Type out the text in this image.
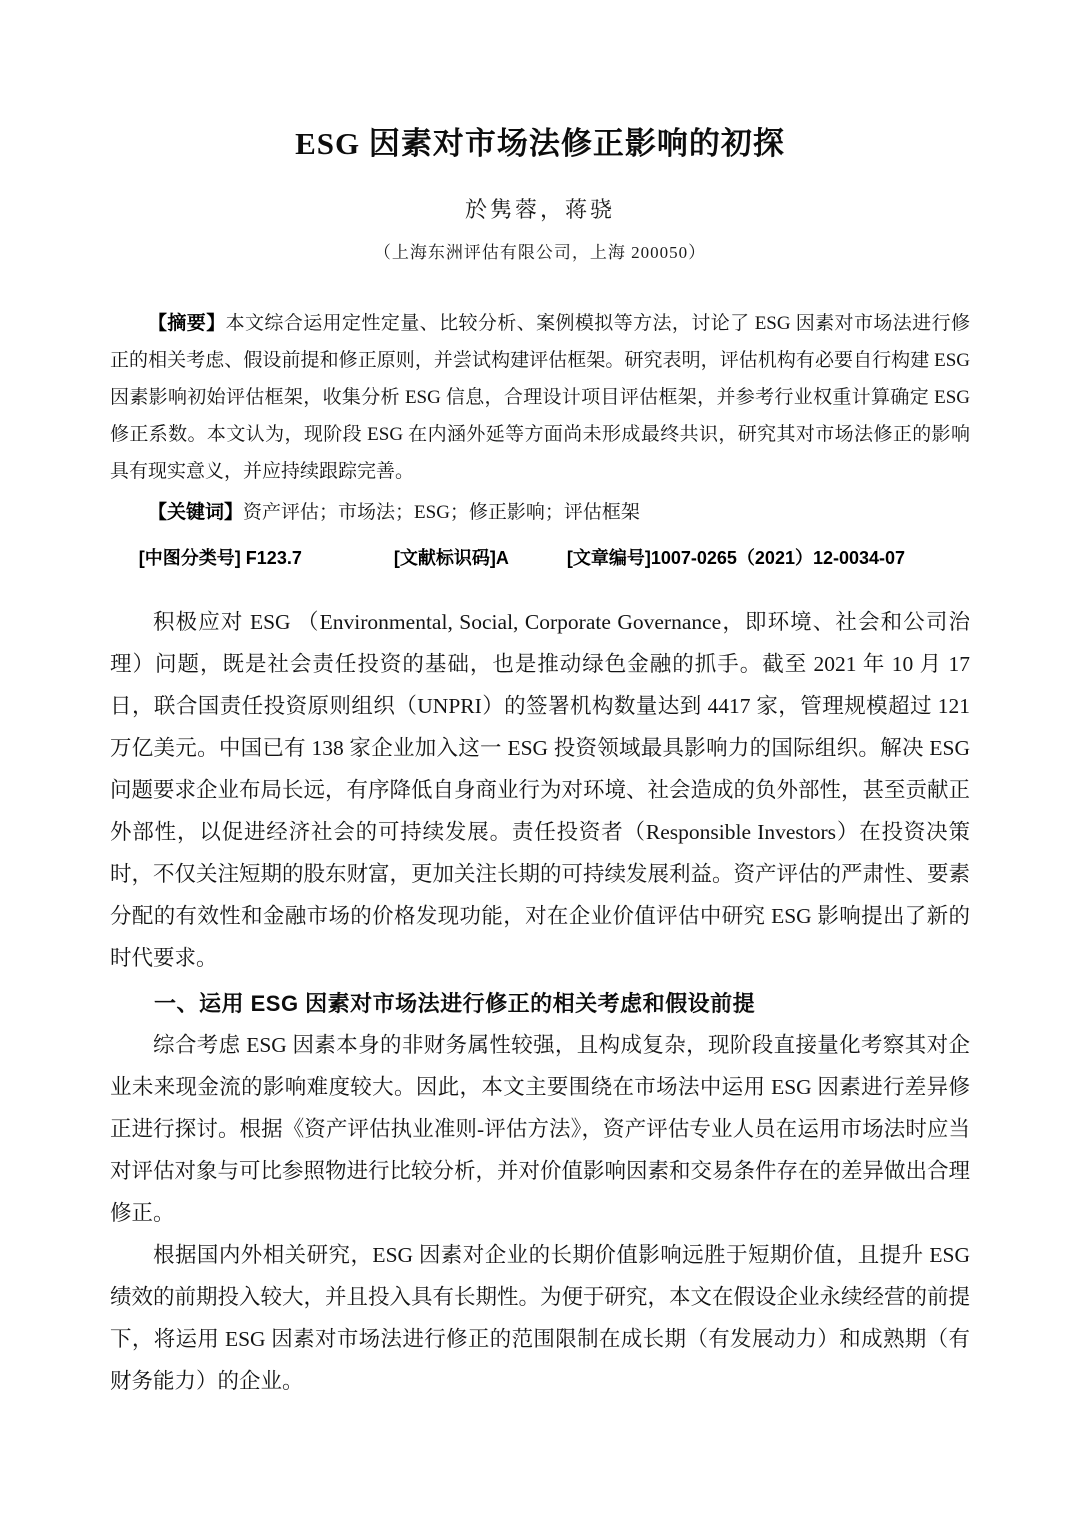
ESG 因素对市场法修正影响的初探
於隽蓉，蒋骁
（上海东洲评估有限公司，上海 200050）

【摘要】本文综合运用定性定量、比较分析、案例模拟等方法，讨论了 ESG 因素对市场法进行修正的相关考虑、假设前提和修正原则，并尝试构建评估框架。研究表明，评估机构有必要自行构建 ESG 因素影响初始评估框架，收集分析 ESG 信息，合理设计项目评估框架，并参考行业权重计算确定 ESG 修正系数。本文认为，现阶段 ESG 在内涵外延等方面尚未形成最终共识，研究其对市场法修正的影响具有现实意义，并应持续跟踪完善。

【关键词】资产评估；市场法；ESG；修正影响；评估框架

[中图分类号] F123.7	[文献标识码]A	[文章编号]1007-0265（2021）12-0034-07

积极应对 ESG （Environmental, Social, Corporate Governance，即环境、社会和公司治理）问题，既是社会责任投资的基础，也是推动绿色金融的抓手。截至 2021 年 10 月 17 日，联合国责任投资原则组织（UNPRI）的签署机构数量达到 4417 家，管理规模超过 121 万亿美元。中国已有 138 家企业加入这一 ESG 投资领域最具影响力的国际组织。解决 ESG 问题要求企业布局长远，有序降低自身商业行为对环境、社会造成的负外部性，甚至贡献正外部性，以促进经济社会的可持续发展。责任投资者（Responsible Investors）在投资决策时，不仅关注短期的股东财富，更加关注长期的可持续发展利益。资产评估的严肃性、要素分配的有效性和金融市场的价格发现功能，对在企业价值评估中研究 ESG 影响提出了新的时代要求。

一、运用 ESG 因素对市场法进行修正的相关考虑和假设前提

综合考虑 ESG 因素本身的非财务属性较强，且构成复杂，现阶段直接量化考察其对企业未来现金流的影响难度较大。因此，本文主要围绕在市场法中运用 ESG 因素进行差异修正进行探讨。根据《资产评估执业准则-评估方法》，资产评估专业人员在运用市场法时应当对评估对象与可比参照物进行比较分析，并对价值影响因素和交易条件存在的差异做出合理修正。

根据国内外相关研究，ESG 因素对企业的长期价值影响远胜于短期价值，且提升 ESG 绩效的前期投入较大，并且投入具有长期性。为便于研究，本文在假设企业永续经营的前提下，将运用 ESG 因素对市场法进行修正的范围限制在成长期（有发展动力）和成熟期（有财务能力）的企业。
